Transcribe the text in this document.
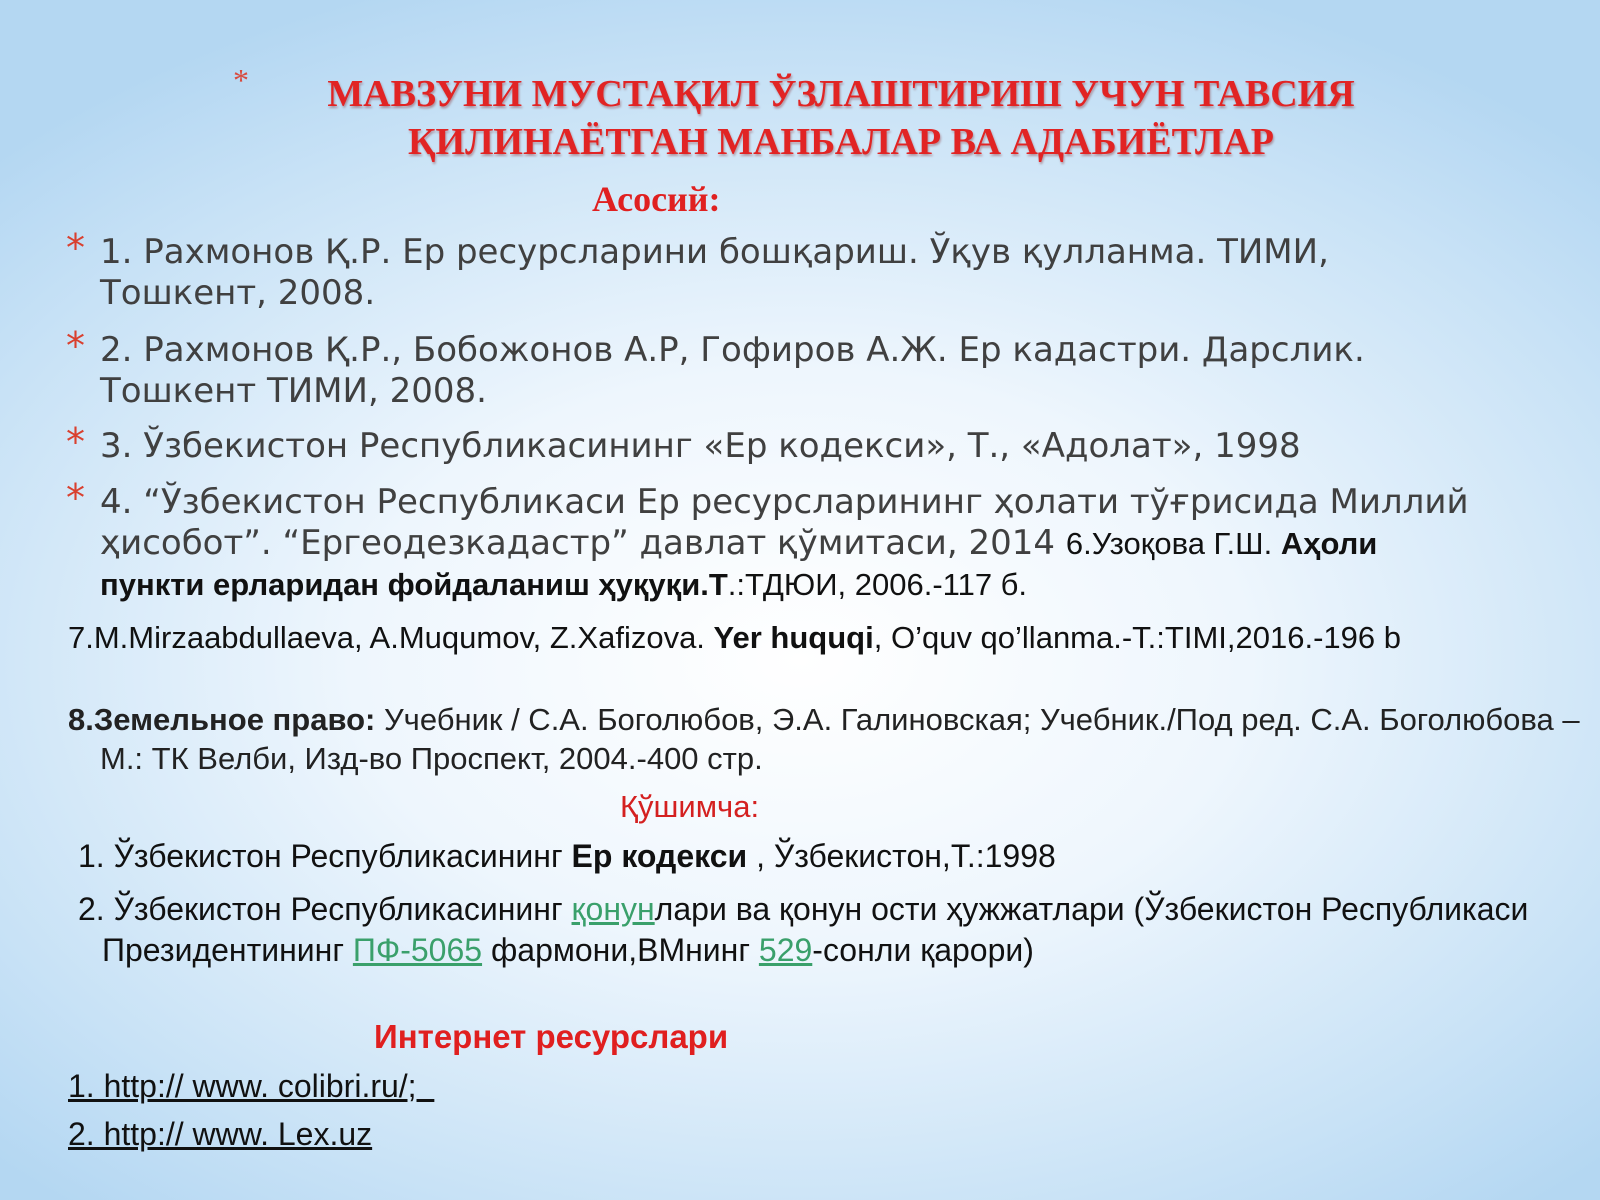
*	МАВЗУНИ МУСТАҚИЛ ЎЗЛАШТИРИШ УЧУН ТАВСИЯ
ҚИЛИНАЁТГАН МАНБАЛАР ВА АДАБИЁТЛАР
Асосий:
* 1. Рахмонов Қ.Р. Ер ресурсларини бошқариш. Ўқув қулланма. ТИМИ,
Тошкент, 2008.
* 2. Рахмонов Қ.Р., Бобожонов А.Р, Гофиров А.Ж. Ер кадастри. Дарслик.
Тошкент ТИМИ, 2008.
* 3. Ўзбекистон Республикасининг «Ер кодекси», Т., «Адолат», 1998
* 4. “Ўзбекистон Республикаси Ер ресурсларининг ҳолати тўғрисида Миллий
ҳисобот”. “Ергеодезкадастр” давлат қўмитаси, 2014 6.Узоқова Г.Ш. Аҳоли
пункти ерларидан фойдаланиш ҳуқуқи.Т.:ТДЮИ, 2006.-117 б.
7.M.Mirzaabdullaeva, A.Muqumov, Z.Xafizova. Yer huquqi, O’quv qo’llanma.-T.:TIMI,2016.-196 b
8.Земельное право: Учебник / С.А. Боголюбов, Э.А. Галиновская; Учебник./Под ред. С.А. Боголюбова – М.: ТК Велби, Изд-во Проспект, 2004.-400 стр.
Қўшимча:
1. Ўзбекистон Республикасининг Ер кодекси , Ўзбекистон,Т.:1998
2. Ўзбекистон Республикасининг қонунлари ва қонун ости ҳужжатлари (Ўзбекистон Республикаси Президентининг ПФ-5065 фармони,ВМнинг 529-сонли қарори)
Интернет ресурслари
1. http:// www. colibri.ru/;
2. http:// www. Lex.uz
